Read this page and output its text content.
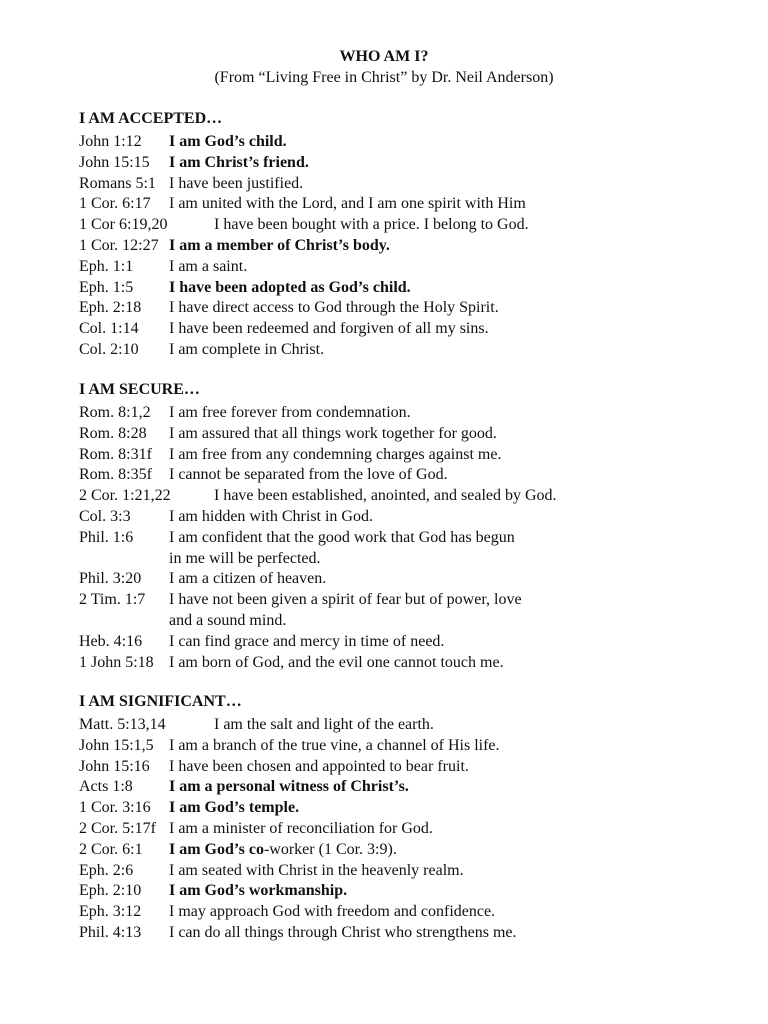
WHO AM I?
(From “Living Free in Christ” by Dr. Neil Anderson)
I AM ACCEPTED…
John 1:12 I am God’s child.
John 15:15 I am Christ’s friend.
Romans 5:1 I have been justified.
1 Cor. 6:17 I am united with the Lord, and I am one spirit with Him
1 Cor 6:19,20	I have been bought with a price. I belong to God.
1 Cor. 12:27 I am a member of Christ’s body.
Eph. 1:1 I am a saint.
Eph. 1:5 I have been adopted as God’s child.
Eph. 2:18 I have direct access to God through the Holy Spirit.
Col. 1:14 I have been redeemed and forgiven of all my sins.
Col. 2:10 I am complete in Christ.
I AM SECURE…
Rom. 8:1,2 I am free forever from condemnation.
Rom. 8:28 I am assured that all things work together for good.
Rom. 8:31f I am free from any condemning charges against me.
Rom. 8:35f I cannot be separated from the love of God.
2 Cor. 1:21,22	I have been established, anointed, and sealed by God.
Col. 3:3 I am hidden with Christ in God.
Phil. 1:6 I am confident that the good work that God has begun
in me will be perfected.
Phil. 3:20 I am a citizen of heaven.
2 Tim. 1:7 I have not been given a spirit of fear but of power, love
and a sound mind.
Heb. 4:16 I can find grace and mercy in time of need.
1 John 5:18 I am born of God, and the evil one cannot touch me.
I AM SIGNIFICANT…
Matt. 5:13,14	I am the salt and light of the earth.
John 15:1,5 I am a branch of the true vine, a channel of His life.
John 15:16 I have been chosen and appointed to bear fruit.
Acts 1:8 I am a personal witness of Christ’s.
1 Cor. 3:16 I am God’s temple.
2 Cor. 5:17f I am a minister of reconciliation for God.
2 Cor. 6:1 I am God’s co-worker (1 Cor. 3:9).
Eph. 2:6 I am seated with Christ in the heavenly realm.
Eph. 2:10 I am God’s workmanship.
Eph. 3:12 I may approach God with freedom and confidence.
Phil. 4:13 I can do all things through Christ who strengthens me.
